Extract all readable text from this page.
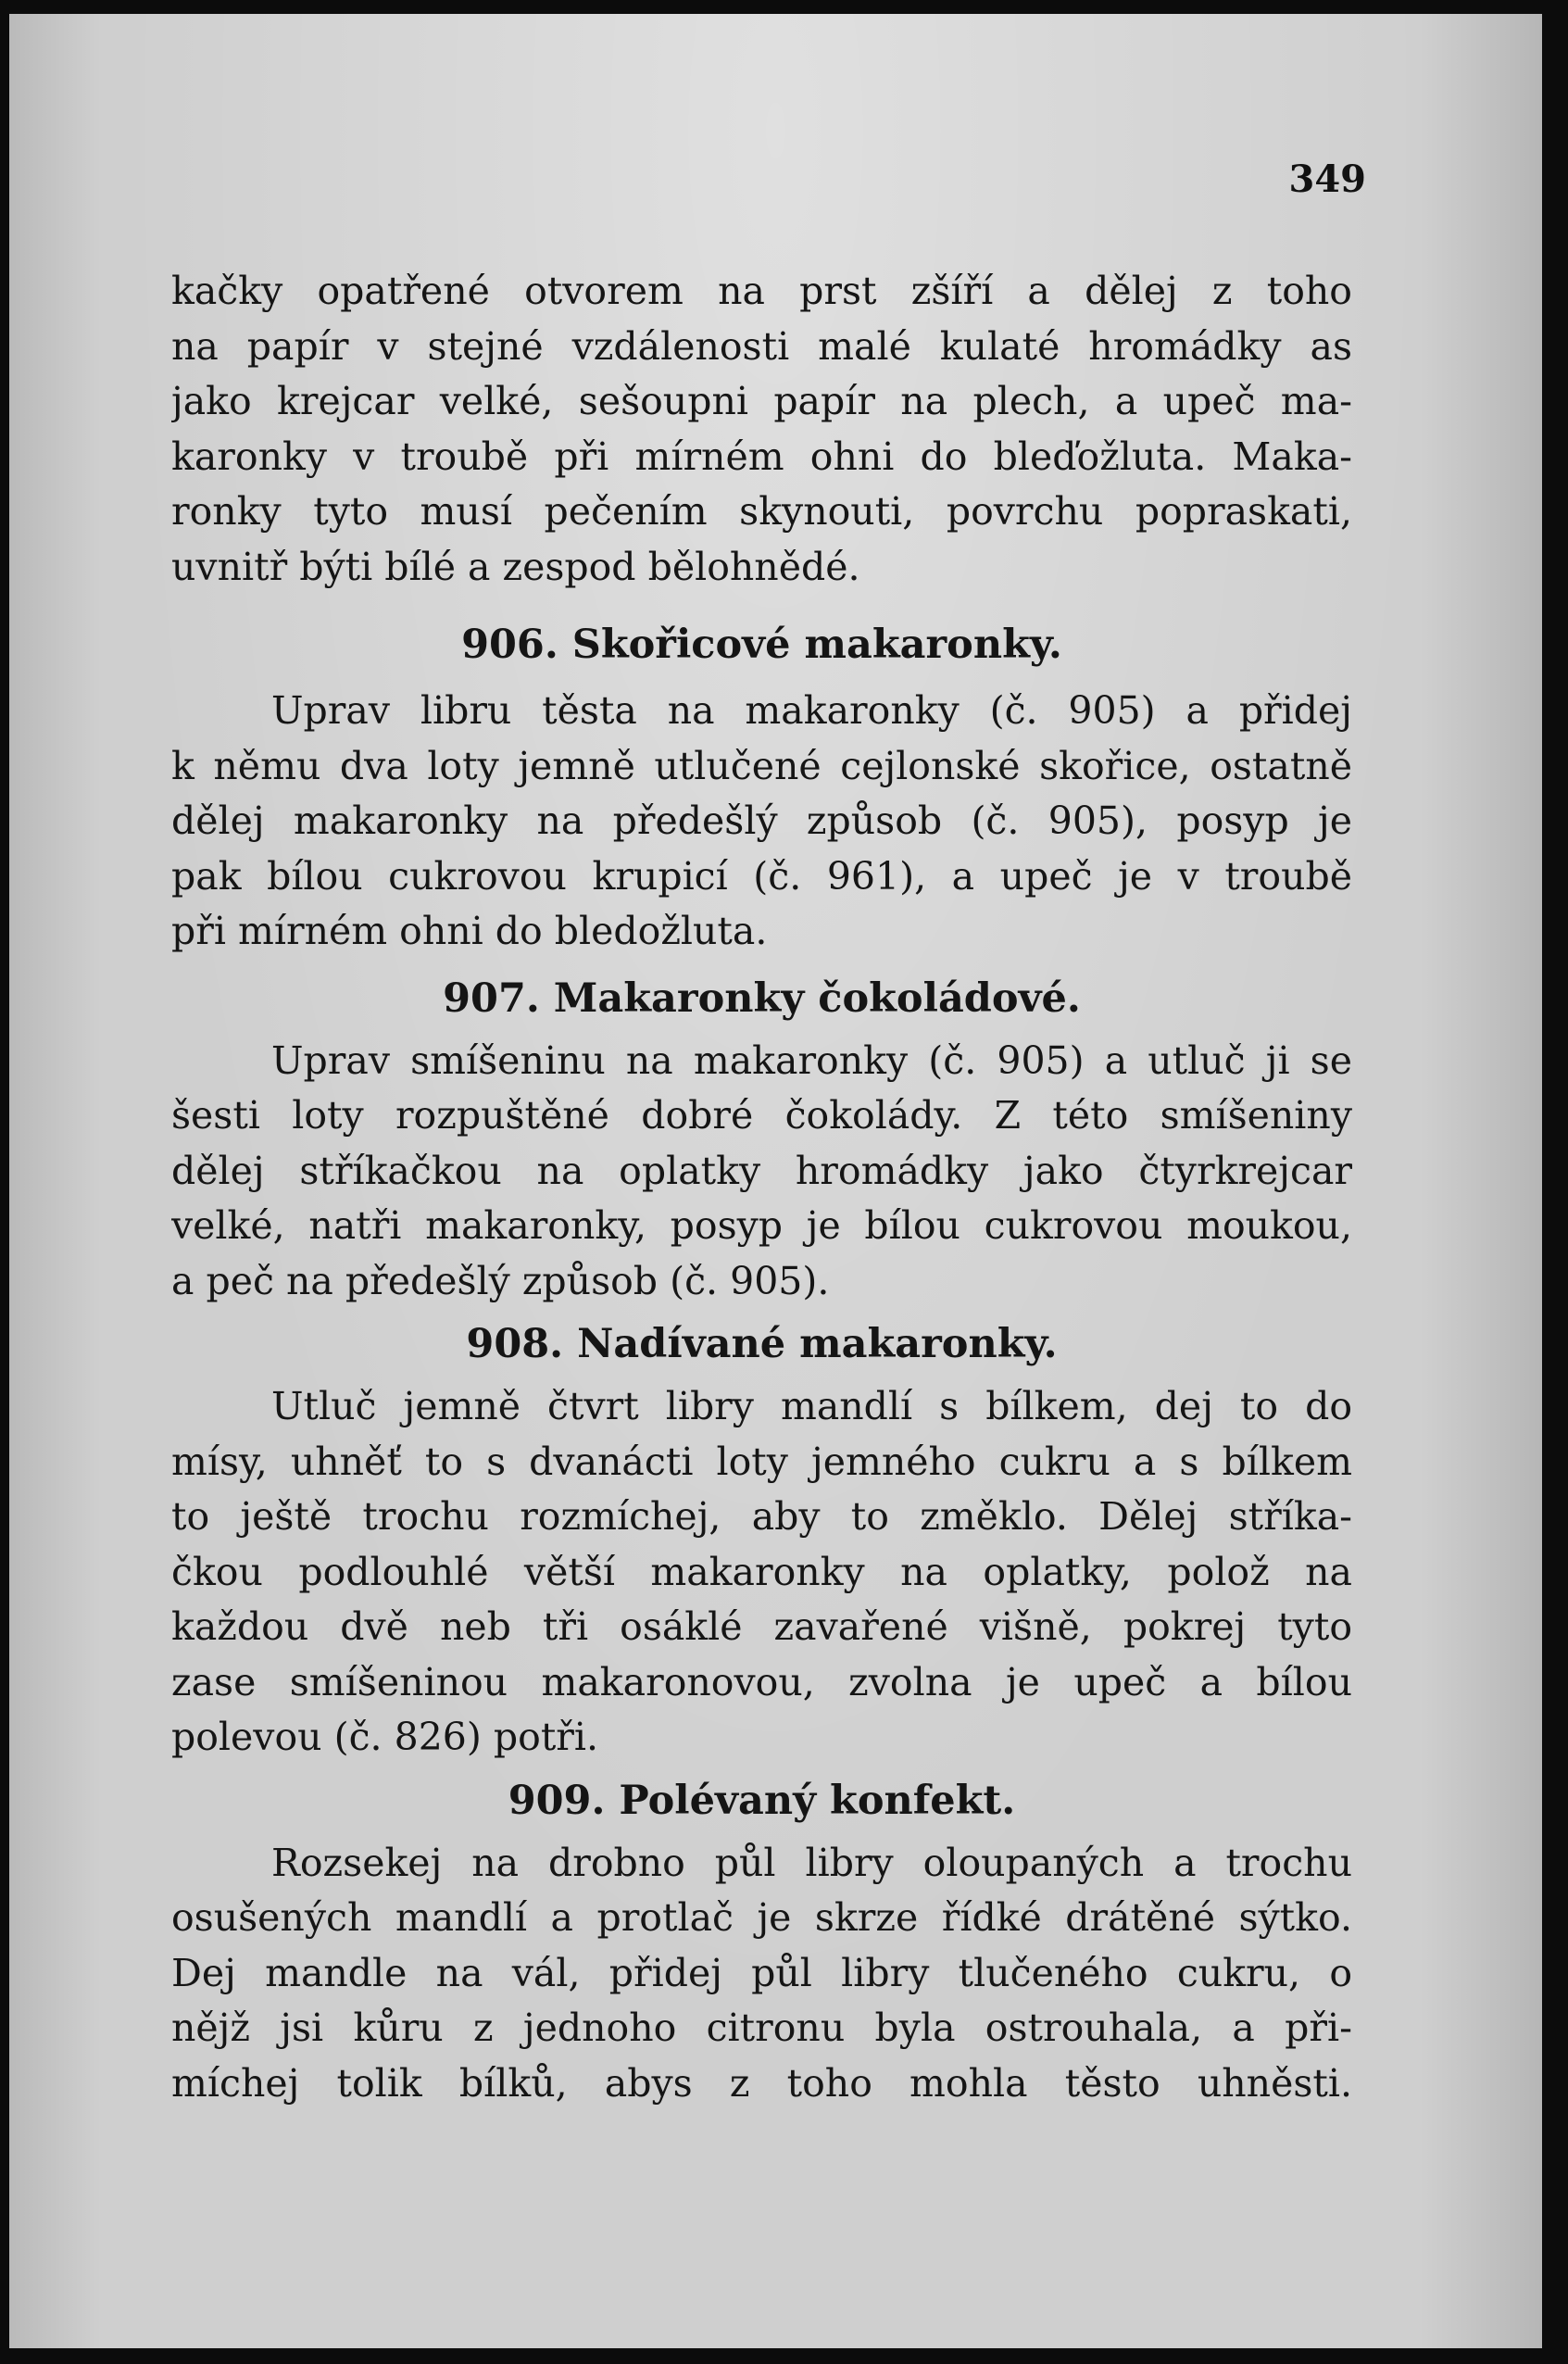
349

kačky opatřené otvorem na prst zšíří a dělej z toho
na papír v stejné vzdálenosti malé kulaté hromádky as
jako krejcar velké, sešoupni papír na plech, a upeč ma-
karonky v troubě při mírném ohni do bleďožluta. Maka-
ronky tyto musí pečením skynouti, povrchu popraskati,
uvnitř býti bílé a zespod bělohnědé.

906. Skořicové makaronky.

Uprav libru těsta na makaronky (č. 905) a přidej
k němu dva loty jemně utlučené cejlonské skořice, ostatně
dělej makaronky na předešlý způsob (č. 905), posyp je
pak bílou cukrovou krupicí (č. 961), a upeč je v troubě
při mírném ohni do bledožluta.

907. Makaronky čokoládové.

Uprav smíšeninu na makaronky (č. 905) a utluč ji se
šesti loty rozpuštěné dobré čokolády. Z této smíšeniny
dělej stříkačkou na oplatky hromádky jako čtyrkrejcar
velké, natři makaronky, posyp je bílou cukrovou moukou,
a peč na předešlý způsob (č. 905).

908. Nadívané makaronky.

Utluč jemně čtvrt libry mandlí s bílkem, dej to do
mísy, uhněť to s dvanácti loty jemného cukru a s bílkem
to ještě trochu rozmíchej, aby to změklo. Dělej stříka-
čkou podlouhlé větší makaronky na oplatky, polož na
každou dvě neb tři osáklé zavařené višně, pokrej tyto
zase smíšeninou makaronovou, zvolna je upeč a bílou
polevou (č. 826) potři.

909. Polévaný konfekt.

Rozsekej na drobno půl libry oloupaných a trochu
osušených mandlí a protlač je skrze řídké drátěné sýtko.
Dej mandle na vál, přidej půl libry tlučeného cukru, o
nějž jsi kůru z jednoho citronu byla ostrouhala, a při-
míchej tolik bílků, abys z toho mohla těsto uhněsti.
